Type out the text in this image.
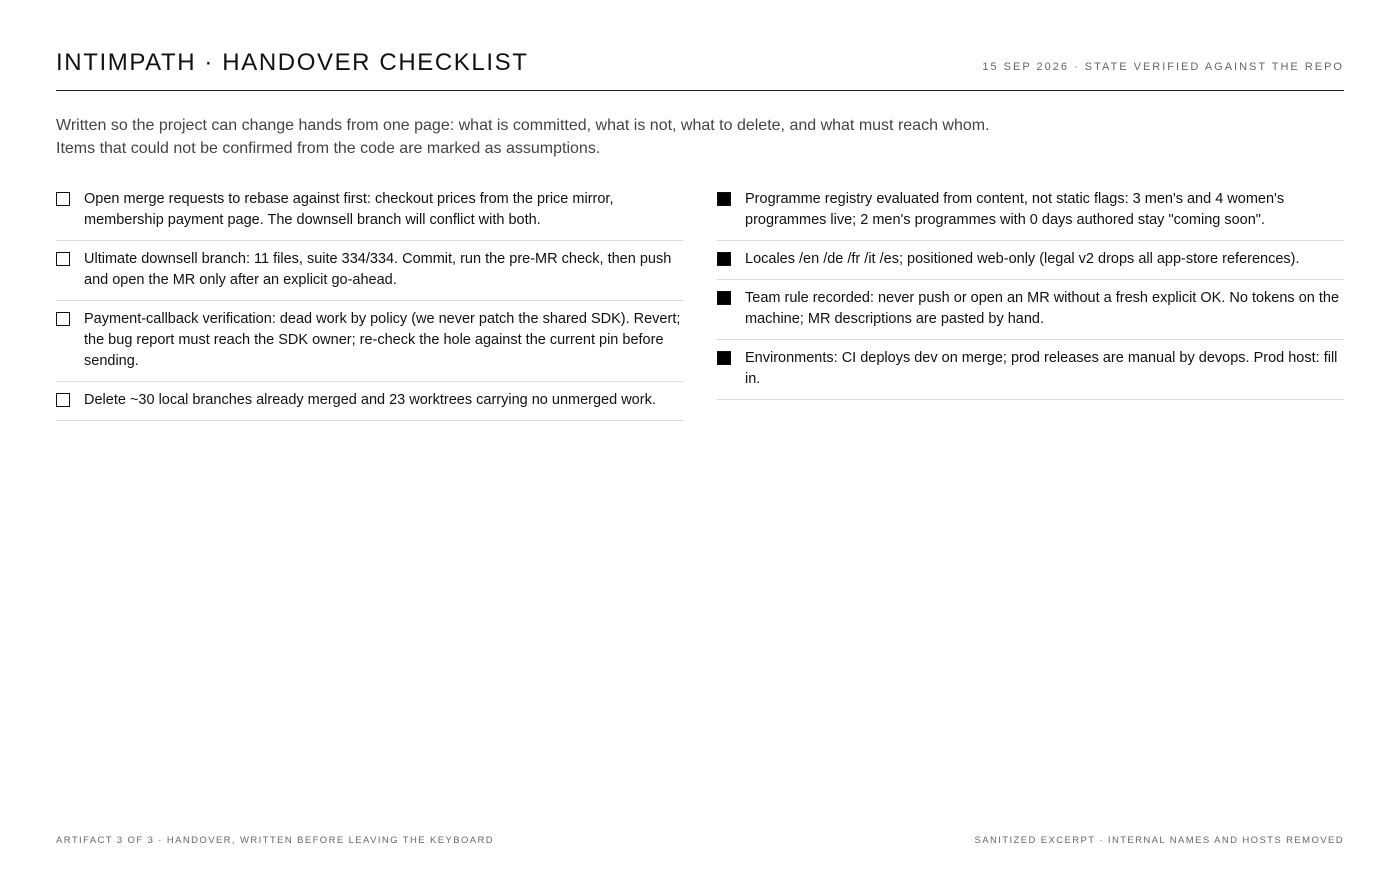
INTIMPATH · HANDOVER CHECKLIST	15 SEP 2026 · STATE VERIFIED AGAINST THE REPO

Written so the project can change hands from one page: what is committed, what is not, what to delete, and what must reach whom. Items that could not be confirmed from the code are marked as assumptions.

Open merge requests to rebase against first: checkout prices from the price mirror, membership payment page. The downsell branch will conflict with both.
Ultimate downsell branch: 11 files, suite 334/334. Commit, run the pre-MR check, then push and open the MR only after an explicit go-ahead.
Payment-callback verification: dead work by policy (we never patch the shared SDK). Revert; the bug report must reach the SDK owner; re-check the hole against the current pin before sending.
Delete ~30 local branches already merged and 23 worktrees carrying no unmerged work.
Programme registry evaluated from content, not static flags: 3 men's and 4 women's programmes live; 2 men's programmes with 0 days authored stay "coming soon".
Locales /en /de /fr /it /es; positioned web-only (legal v2 drops all app-store references).
Team rule recorded: never push or open an MR without a fresh explicit OK. No tokens on the machine; MR descriptions are pasted by hand.
Environments: CI deploys dev on merge; prod releases are manual by devops. Prod host: fill in.
ARTIFACT 3 OF 3 · HANDOVER, WRITTEN BEFORE LEAVING THE KEYBOARD	SANITIZED EXCERPT · INTERNAL NAMES AND HOSTS REMOVED
